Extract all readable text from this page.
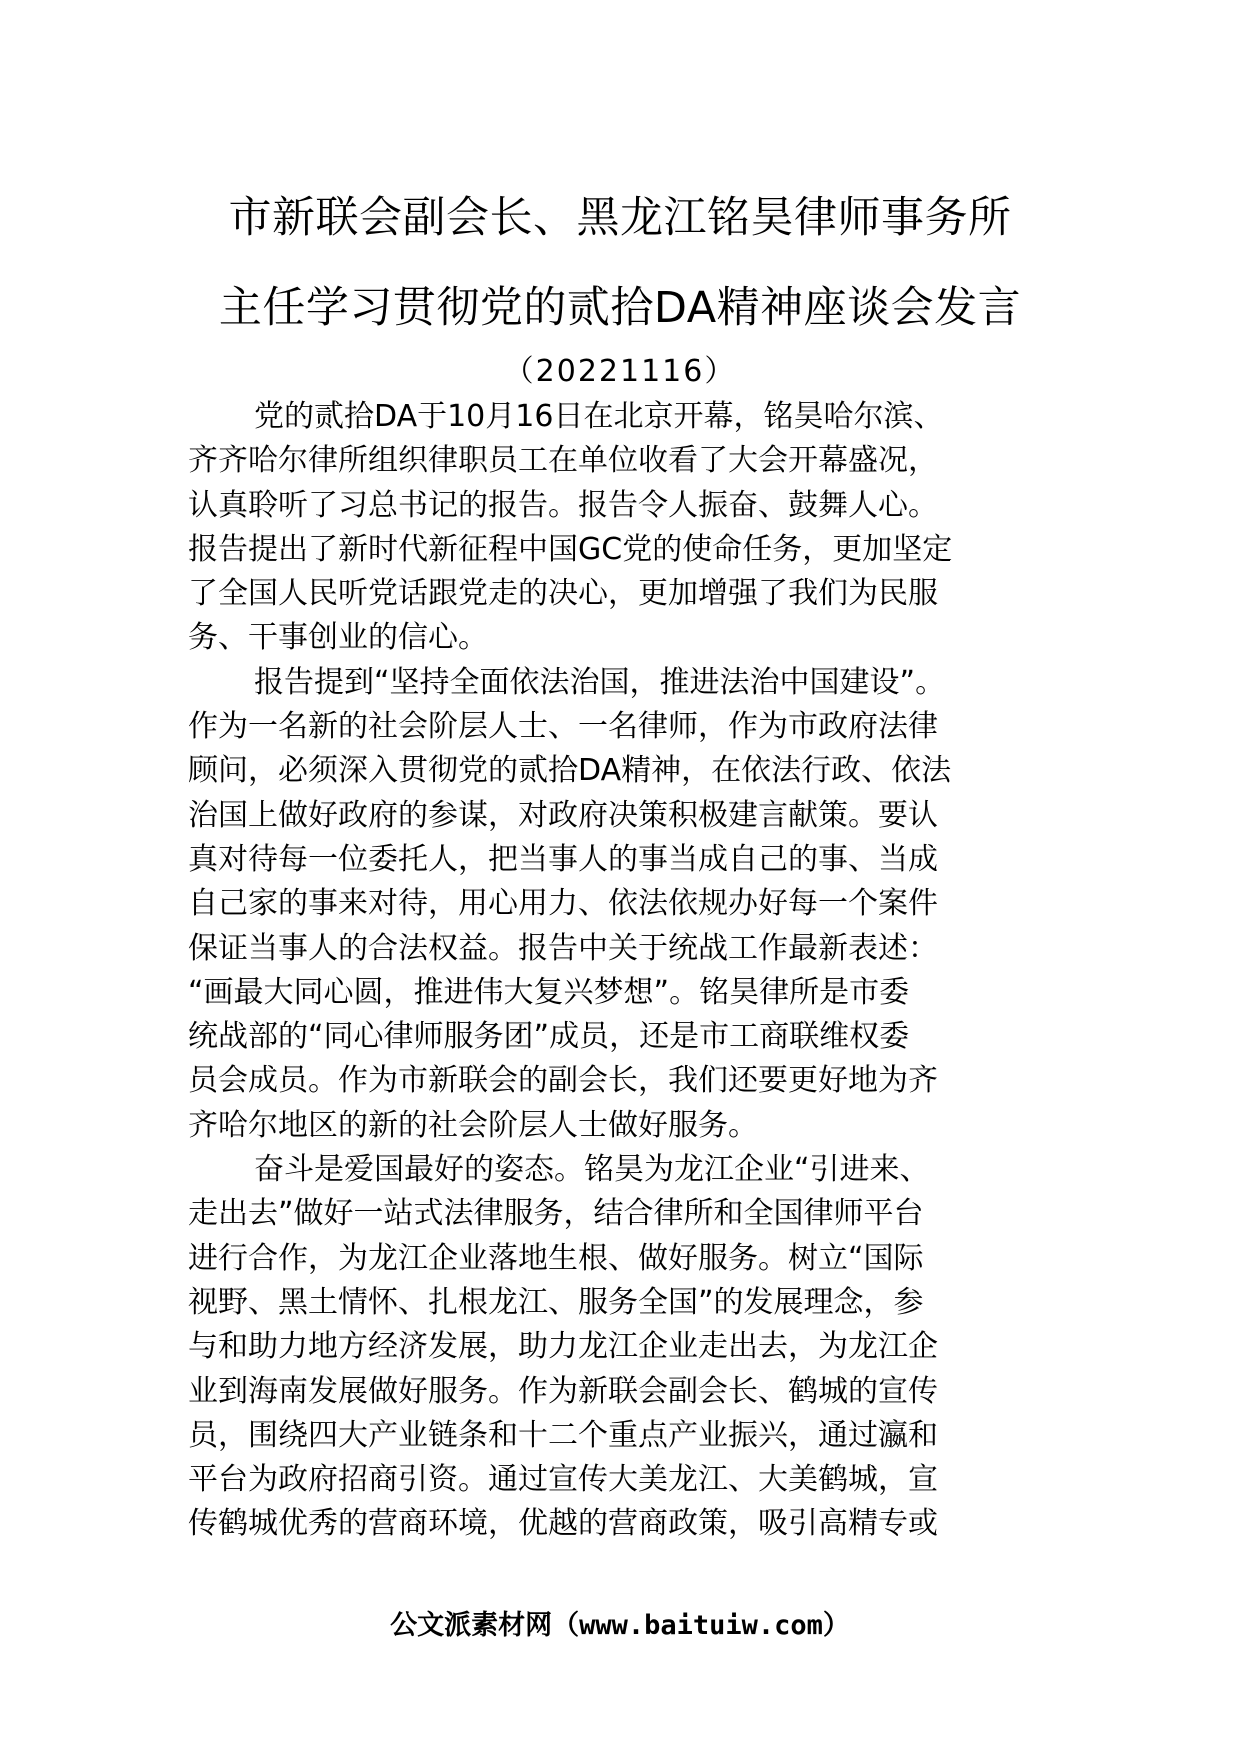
市新联会副会长、黑龙江铭昊律师事务所
主任学习贯彻党的贰拾DA精神座谈会发言
（20221116）
党的贰拾DA于10月16日在北京开幕，铭昊哈尔滨、
齐齐哈尔律所组织律职员工在单位收看了大会开幕盛况，
认真聆听了习总书记的报告。报告令人振奋、鼓舞人心。
报告提出了新时代新征程中国GC党的使命任务，更加坚定
了全国人民听党话跟党走的决心，更加增强了我们为民服
务、干事创业的信心。
报告提到“坚持全面依法治国，推进法治中国建设”。
作为一名新的社会阶层人士、一名律师，作为市政府法律
顾问，必须深入贯彻党的贰拾DA精神，在依法行政、依法
治国上做好政府的参谋，对政府决策积极建言献策。要认
真对待每一位委托人，把当事人的事当成自己的事、当成
自己家的事来对待，用心用力、依法依规办好每一个案件
保证当事人的合法权益。报告中关于统战工作最新表述：
“画最大同心圆，推进伟大复兴梦想”。铭昊律所是市委
统战部的“同心律师服务团”成员，还是市工商联维权委
员会成员。作为市新联会的副会长，我们还要更好地为齐
齐哈尔地区的新的社会阶层人士做好服务。
奋斗是爱国最好的姿态。铭昊为龙江企业“引进来、
走出去”做好一站式法律服务，结合律所和全国律师平台
进行合作，为龙江企业落地生根、做好服务。树立“国际
视野、黑土情怀、扎根龙江、服务全国”的发展理念，参
与和助力地方经济发展，助力龙江企业走出去，为龙江企
业到海南发展做好服务。作为新联会副会长、鹤城的宣传
员，围绕四大产业链条和十二个重点产业振兴，通过瀛和
平台为政府招商引资。通过宣传大美龙江、大美鹤城，宣
传鹤城优秀的营商环境，优越的营商政策，吸引高精专或
公文派素材网（www.baituiw.com）
